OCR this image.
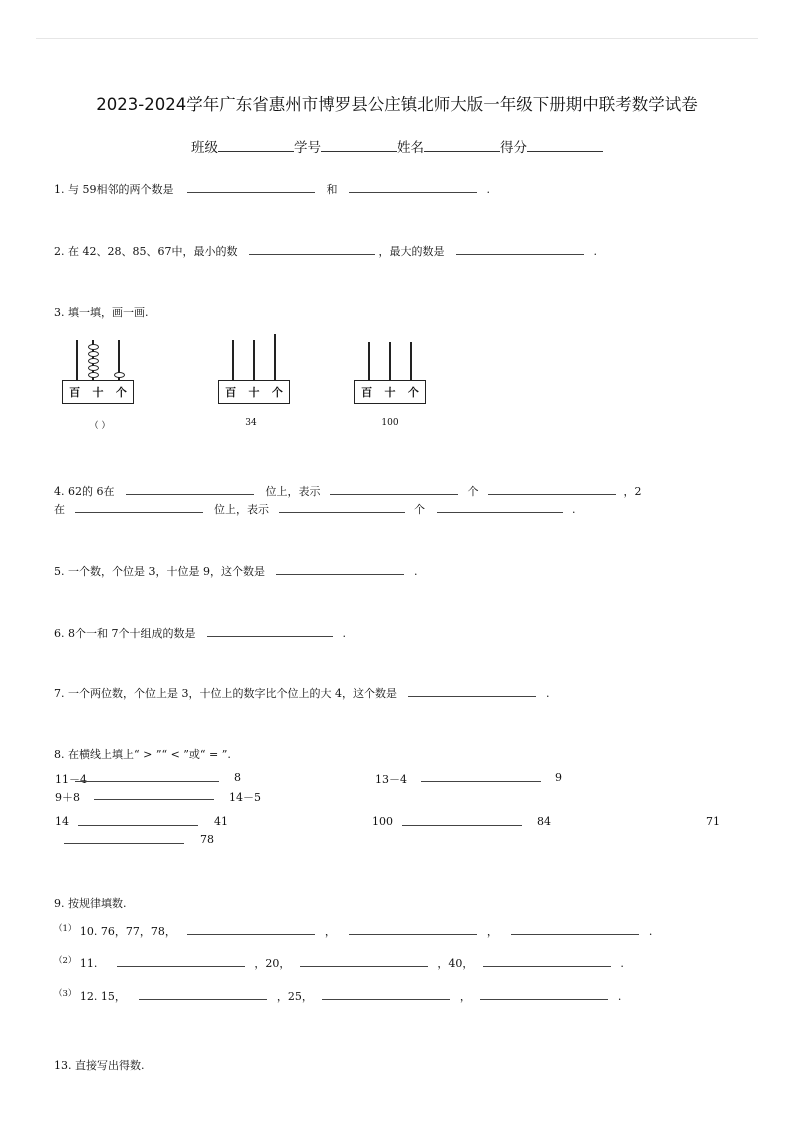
2023-2024学年广东省惠州市博罗县公庄镇北师大版一年级下册期中联考数学试卷
班级	学号	姓名	得分
1. 与 59相邻的两个数是	和	.
2. 在 42、28、85、67中，最小的数	，最大的数是	.
3. 填一填，画一画.
百 十 个
（ ）
百 十 个
34
百 十 个
100
4. 62的 6在	位上，表示	个	，2
在	位上，表示	个	.
5. 一个数，个位是 3，十位是 9，这个数是	.
6. 8个一和 7个十组成的数是	.
7. 一个两位数，个位上是 3，十位上的数字比个位上的大 4，这个数是	.
8. 在横线上填上“ > ”“ < ”或“ = ”.
11－4	8	13－4	9
9＋8	14－5
14	41	100	84	71
78
9. 按规律填数.
$^{(1)}$ 10. 76，77，78，	，	，	.
$^{(2)}$ 11.	，20，	，40，	.
$^{(3)}$ 12. 15，	，25，	，	.
13. 直接写出得数.
